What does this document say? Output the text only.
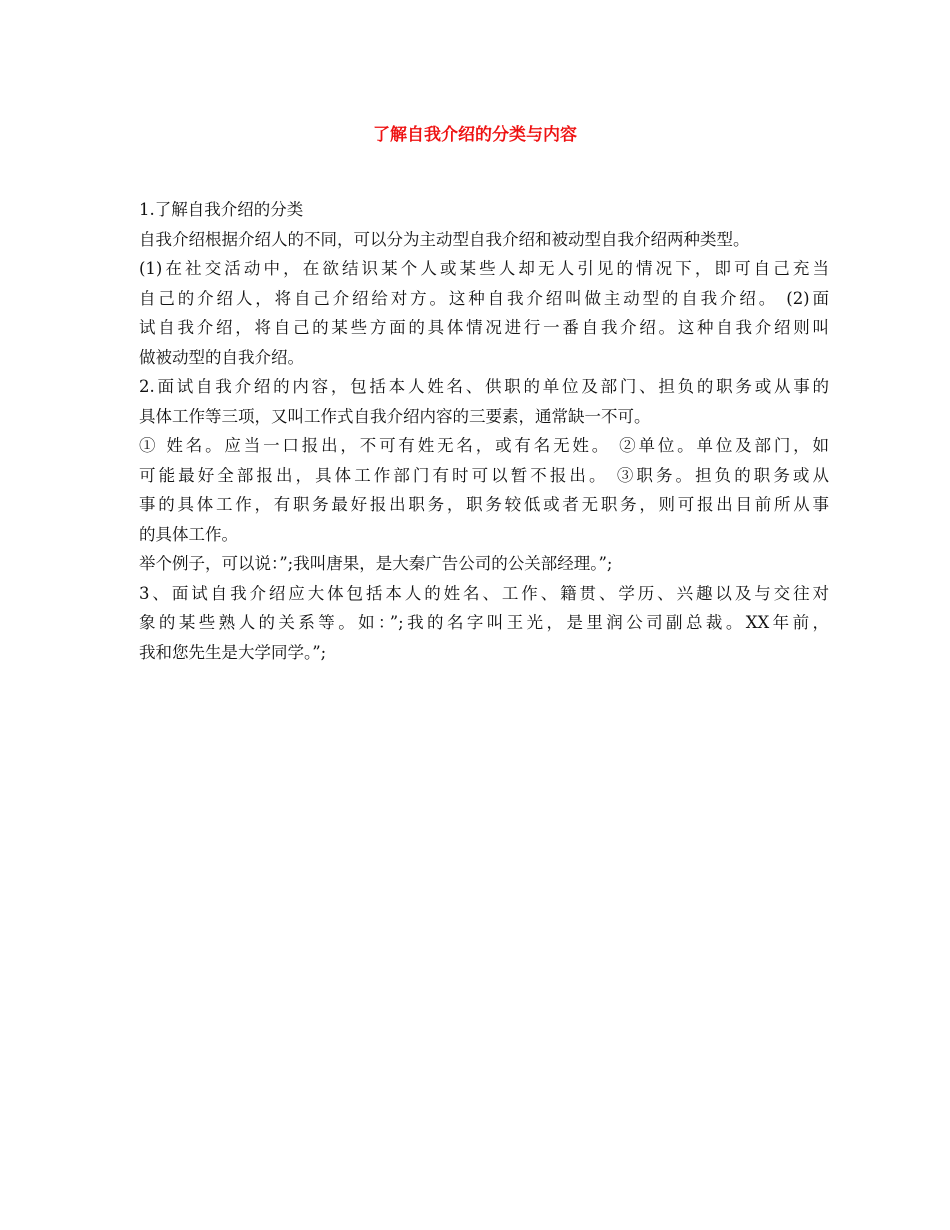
了解自我介绍的分类与内容
1.了解自我介绍的分类
自我介绍根据介绍人的不同，可以分为主动型自我介绍和被动型自我介绍两种类型。
(1)在社交活动中，在欲结识某个人或某些人却无人引见的情况下，即可自己充当
自己的介绍人，将自己介绍给对方。这种自我介绍叫做主动型的自我介绍。 (2)面
试自我介绍，将自己的某些方面的具体情况进行一番自我介绍。这种自我介绍则叫
做被动型的自我介绍。
2.面试自我介绍的内容，包括本人姓名、供职的单位及部门、担负的职务或从事的
具体工作等三项，又叫工作式自我介绍内容的三要素，通常缺一不可。
① 姓名。应当一口报出，不可有姓无名，或有名无姓。 ②单位。单位及部门，如
可能最好全部报出，具体工作部门有时可以暂不报出。 ③职务。担负的职务或从
事的具体工作，有职务最好报出职务，职务较低或者无职务，则可报出目前所从事
的具体工作。
举个例子，可以说：”;我叫唐果，是大秦广告公司的公关部经理。”;
3、面试自我介绍应大体包括本人的姓名、工作、籍贯、学历、兴趣以及与交往对
象的某些熟人的关系等。如：”;我的名字叫王光，是里润公司副总裁。XX年前，
我和您先生是大学同学。”;
